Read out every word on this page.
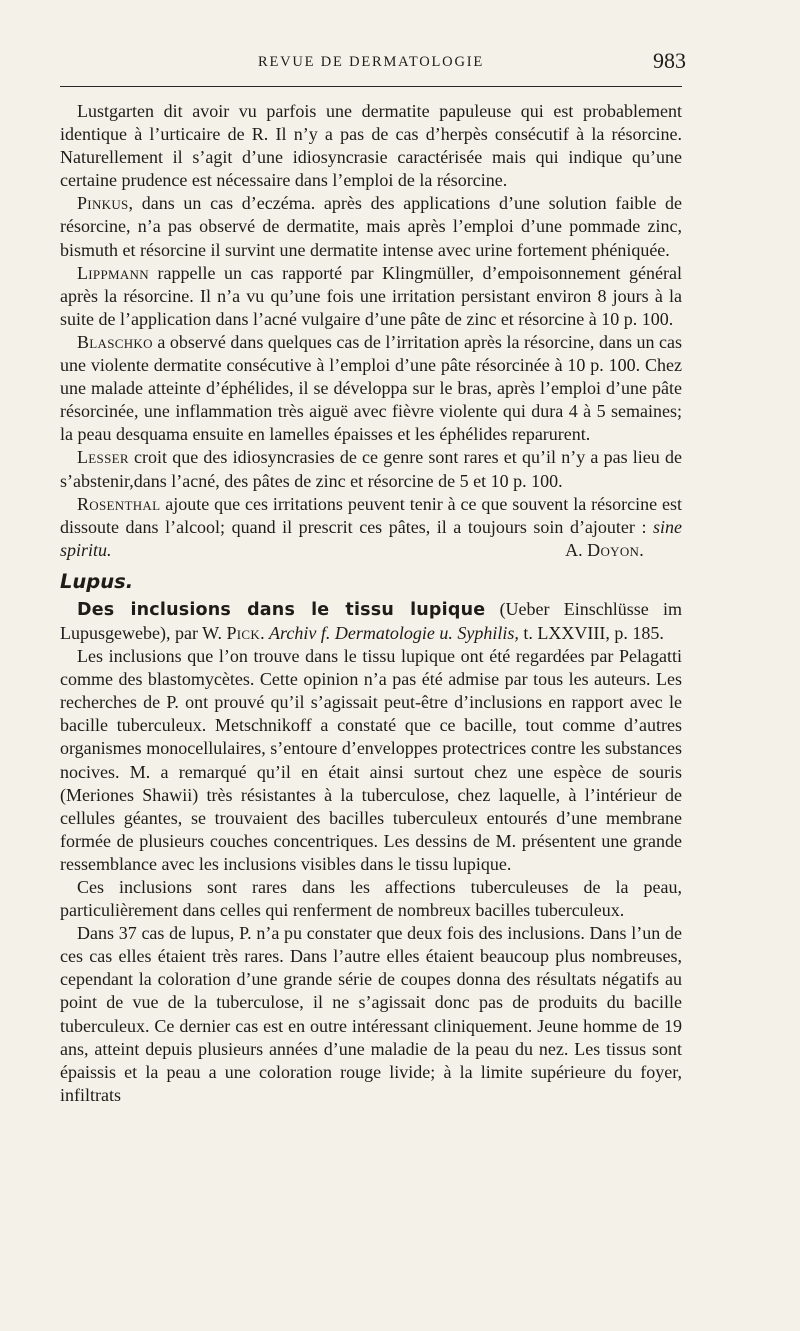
REVUE DE DERMATOLOGIE	983

Lustgarten dit avoir vu parfois une dermatite papuleuse qui est probablement identique à l’urticaire de R. Il n’y a pas de cas d’herpès consécutif à la résorcine. Naturellement il s’agit d’une idiosyncrasie caractérisée mais qui indique qu’une certaine prudence est nécessaire dans l’emploi de la résorcine.

Pinkus, dans un cas d’eczéma. après des applications d’une solution faible de résorcine, n’a pas observé de dermatite, mais après l’emploi d’une pommade zinc, bismuth et résorcine il survint une dermatite intense avec urine fortement phéniquée.

Lippmann rappelle un cas rapporté par Klingmüller, d’empoisonnement général après la résorcine. Il n’a vu qu’une fois une irritation persistant environ 8 jours à la suite de l’application dans l’acné vulgaire d’une pâte de zinc et résorcine à 10 p. 100.

Blaschko a observé dans quelques cas de l’irritation après la résorcine, dans un cas une violente dermatite consécutive à l’emploi d’une pâte résorcinée à 10 p. 100. Chez une malade atteinte d’éphélides, il se développa sur le bras, après l’emploi d’une pâte résorcinée, une inflammation très aiguë avec fièvre violente qui dura 4 à 5 semaines; la peau desquama ensuite en lamelles épaisses et les éphélides reparurent.

Lesser croit que des idiosyncrasies de ce genre sont rares et qu’il n’y a pas lieu de s’abstenir,dans l’acné, des pâtes de zinc et résorcine de 5 et 10 p. 100.

Rosenthal ajoute que ces irritations peuvent tenir à ce que souvent la résorcine est dissoute dans l’alcool; quand il prescrit ces pâtes, il a toujours soin d’ajouter : sine spiritu.	A. Doyon.

Lupus.

Des inclusions dans le tissu lupique (Ueber Einschlüsse im Lupusgewebe), par W. Pick. Archiv f. Dermatologie u. Syphilis, t. LXXVIII, p. 185.

Les inclusions que l’on trouve dans le tissu lupique ont été regardées par Pelagatti comme des blastomycètes. Cette opinion n’a pas été admise par tous les auteurs. Les recherches de P. ont prouvé qu’il s’agissait peut-être d’inclusions en rapport avec le bacille tuberculeux. Metschnikoff a constaté que ce bacille, tout comme d’autres organismes monocellulaires, s’entoure d’enveloppes protectrices contre les substances nocives. M. a remarqué qu’il en était ainsi surtout chez une espèce de souris (Meriones Shawii) très résistantes à la tuberculose, chez laquelle, à l’intérieur de cellules géantes, se trouvaient des bacilles tuberculeux entourés d’une membrane formée de plusieurs couches concentriques. Les dessins de M. présentent une grande ressemblance avec les inclusions visibles dans le tissu lupique.

Ces inclusions sont rares dans les affections tuberculeuses de la peau, particulièrement dans celles qui renferment de nombreux bacilles tuberculeux.

Dans 37 cas de lupus, P. n’a pu constater que deux fois des inclusions. Dans l’un de ces cas elles étaient très rares. Dans l’autre elles étaient beaucoup plus nombreuses, cependant la coloration d’une grande série de coupes donna des résultats négatifs au point de vue de la tuberculose, il ne s’agissait donc pas de produits du bacille tuberculeux. Ce dernier cas est en outre intéressant cliniquement. Jeune homme de 19 ans, atteint depuis plusieurs années d’une maladie de la peau du nez. Les tissus sont épaissis et la peau a une coloration rouge livide; à la limite supérieure du foyer, infiltrats
